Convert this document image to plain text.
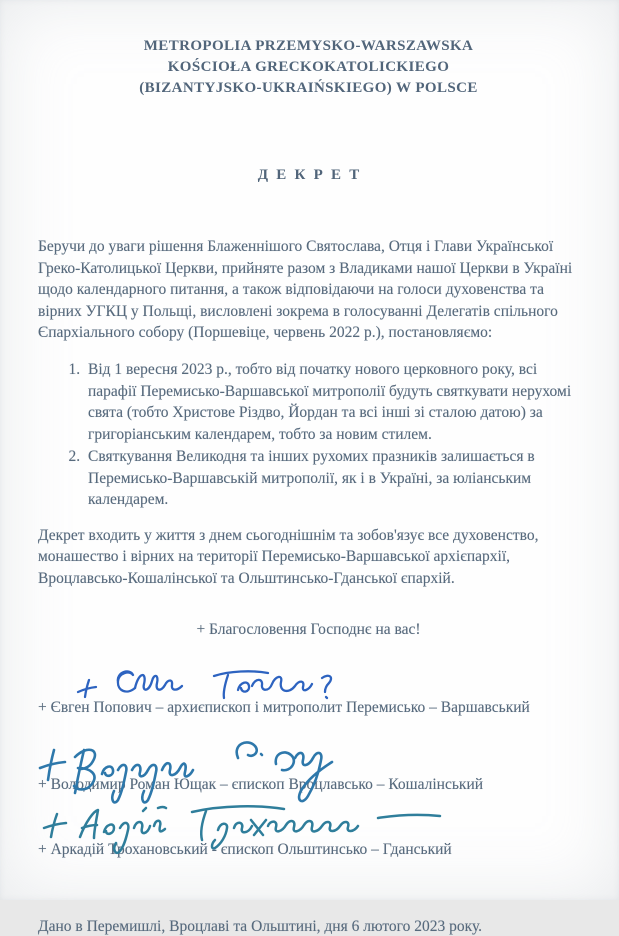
METROPOLIA PRZEMYSKO-WARSZAWSKA
KOŚCIOŁA GRECKOKATOLICKIEGO
(BIZANTYJSKO-UKRAIŃSKIEGO) W POLSCE
ДЕКРЕТ

Беручи до уваги рішення Блаженнішого Святослава, Отця і Глави Української Греко-Католицької Церкви, прийняте разом з Владиками нашої Церкви в Україні щодо календарного питання, а також відповідаючи на голоси духовенства та вірних УГКЦ у Польщі, висловлені зокрема в голосуванні Делегатів спільного Єпархіального собору (Поршевіце, червень 2022 р.), постановляємо:

1. Від 1 вересня 2023 р., тобто від початку нового церковного року, всі парафії Перемисько-Варшавської митрополії будуть святкувати нерухомі свята (тобто Христове Різдво, Йордан та всі інші зі сталою датою) за григоріанським календарем, тобто за новим стилем.
2. Святкування Великодня та інших рухомих празників залишається в Перемисько-Варшавській митрополії, як і в Україні, за юліанським календарем.

Декрет входить у життя з днем сьогоднішнім та зобов'язує все духовенство, монашество і вірних на території Перемисько-Варшавської архієпархії, Вроцлавсько-Кошалінської та Ольштинсько-Гданської єпархій.

+ Благословення Господнє на вас!
+ Євген Попович – архиєпископ і митрополит Перемисько – Варшавський
+ Володимир Роман Ющак – єпископ Вроцлавсько – Кошалінський
+ Аркадій Трохановський - єпископ Ольштинсько – Гданський
Дано в Перемишлі, Вроцлаві та Ольштині, дня 6 лютого 2023 року.
